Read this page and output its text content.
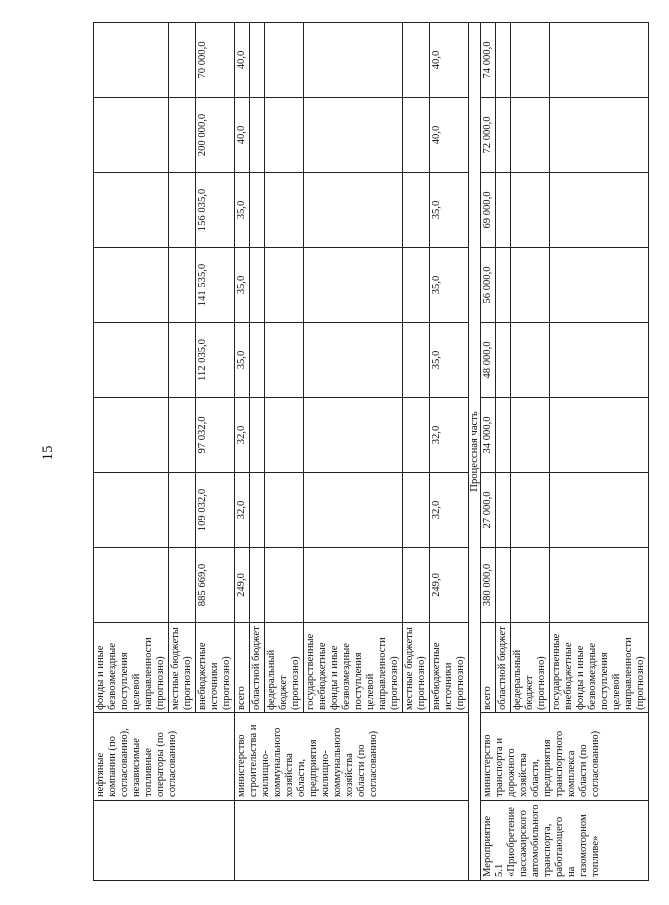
15
	нефтяные компании (по согласованию), независимые топливные операторы (по согласованию)	фонды и иные безвозмездные поступления целевой направленности (прогнозно)								
		местные бюджеты (прогнозно)								
		внебюджетные источники (прогнозно)	885 669,0	109 032,0	97 032,0	112 035,0	141 535,0	156 035,0	200 000,0	70 000,0
	министерство строительства и жилищно-коммунального хозяйства области, предприятия жилищно-коммунального хозяйства области (по согласованию)	всего	249,0	32,0	32,0	35,0	35,0	35,0	40,0	40,0
		областной бюджет								
		федеральный бюджет (прогнозно)								
		государственные внебюджетные фонды и иные безвозмездные поступления целевой направленности (прогнозно)								
		местные бюджеты (прогнозно)								
		внебюджетные источники (прогнозно)	249,0	32,0	32,0	35,0	35,0	35,0	40,0	40,0
Процессная часть										
Мероприятие 5.1 «Приобретение пассажирского автомобильного транспорта, работающего на газомоторном топливе»	министерство транспорта и дорожного хозяйства области, предприятия транспортного комплекса области (по согласованию)	всего	380 000,0	27 000,0	34 000,0	48 000,0	56 000,0	69 000,0	72 000,0	74 000,0
		областной бюджет								
		федеральный бюджет (прогнозно)								
		государственные внебюджетные фонды и иные безвозмездные поступления целевой направленности (прогнозно)								
